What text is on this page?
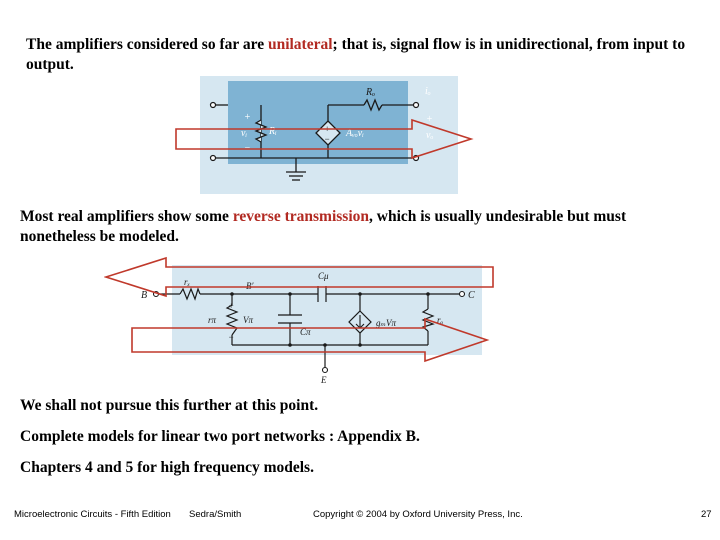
The amplifiers considered so far are unilateral; that is, signal flow is in unidirectional, from input to output.

+
−
Rₒ	iₒ
+
vᵢ
−
Rᵢ	Aᵥₒvᵢ
+
vₒ

Most real amplifiers show some reverse transmission, which is usually undesirable but must nonetheless be modeled.

B
B′
C
E
rₓ
Cμ
+
rπ	Vπ
−	Cπ
gₘVπ	rₒ

We shall not pursue this further at this point.

Complete models for linear two port networks : Appendix B.

Chapters 4 and 5 for high frequency models.

Microelectronic Circuits - Fifth Edition Sedra/Smith	Copyright © 2004 by Oxford University Press, Inc.	27
